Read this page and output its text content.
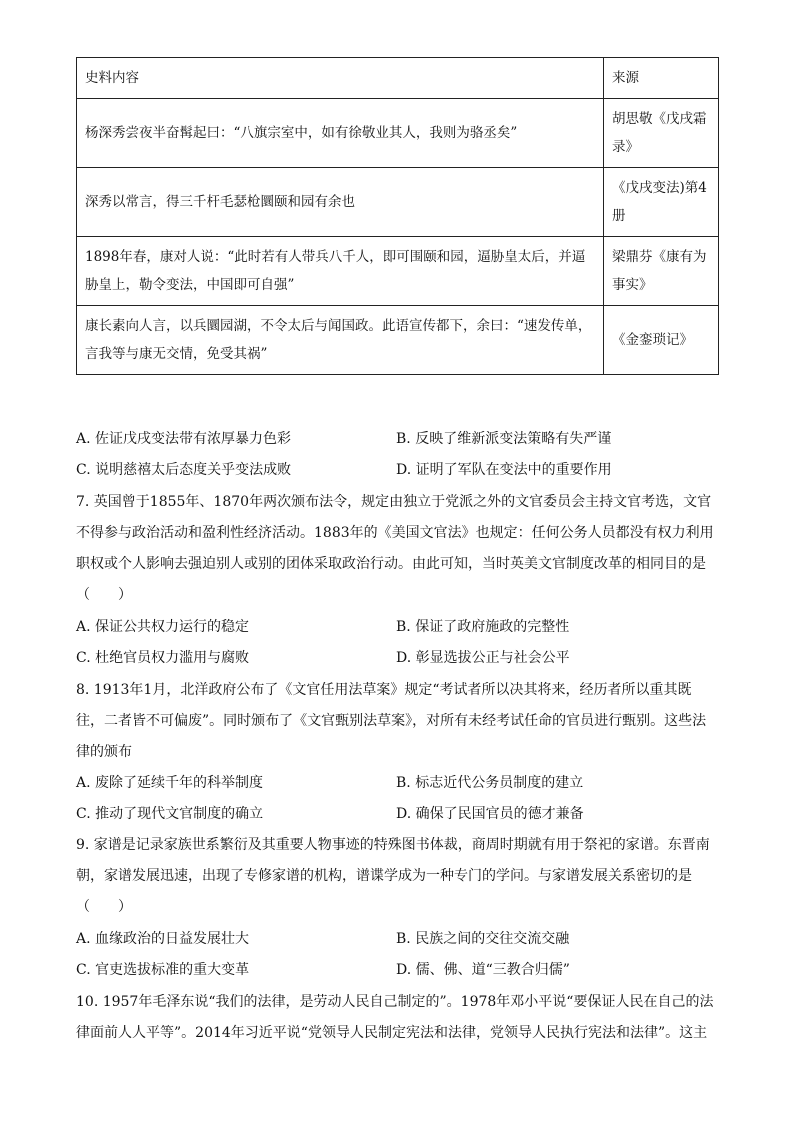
史料内容	来源
杨深秀尝夜半奋髯起曰：“八旗宗室中，如有徐敬业其人，我则为骆丞矣”	胡思敬《戊戌霜录》
深秀以常言，得三千杆毛瑟枪圜颐和园有余也	《戊戌变法)第4册
1898年春，康对人说：“此时若有人带兵八千人，即可围颐和园，逼胁皇太后，并逼胁皇上，勒令变法，中国即可自强”	梁鼎芬《康有为事实》
康长素向人言，以兵圜园湖，不令太后与闻国政。此语宣传都下，余曰：“速发传单，言我等与康无交情，免受其祸”	《金銮琐记》
A. 佐证戊戌变法带有浓厚暴力色彩	B. 反映了维新派变法策略有失严谨
C. 说明慈禧太后态度关乎变法成败	D. 证明了军队在变法中的重要作用
7. 英国曾于1855年、1870年两次颁布法令，规定由独立于党派之外的文官委员会主持文官考选，文官不得参与政治活动和盈利性经济活动。1883年的《美国文官法》也规定：任何公务人员都没有权力利用职权或个人影响去强迫别人或别的团体采取政治行动。由此可知，当时英美文官制度改革的相同目的是（　　）
A. 保证公共权力运行的稳定	B. 保证了政府施政的完整性
C. 杜绝官员权力滥用与腐败	D. 彰显选拔公正与社会公平
8. 1913年1月，北洋政府公布了《文官任用法草案》规定“考试者所以决其将来，经历者所以重其既往，二者皆不可偏废”。同时颁布了《文官甄别法草案》，对所有未经考试任命的官员进行甄别。这些法律的颁布
A. 废除了延续千年的科举制度	B. 标志近代公务员制度的建立
C. 推动了现代文官制度的确立	D. 确保了民国官员的德才兼备
9. 家谱是记录家族世系繁衍及其重要人物事迹的特殊图书体裁，商周时期就有用于祭祀的家谱。东晋南朝，家谱发展迅速，出现了专修家谱的机构，谱谍学成为一种专门的学问。与家谱发展关系密切的是（　　）
A. 血缘政治的日益发展壮大	B. 民族之间的交往交流交融
C. 官吏选拔标准的重大变革	D. 儒、佛、道“三教合归儒”
10. 1957年毛泽东说“我们的法律，是劳动人民自己制定的”。1978年邓小平说“要保证人民在自己的法律面前人人平等”。2014年习近平说“党领导人民制定宪法和法律，党领导人民执行宪法和法律”。这主
